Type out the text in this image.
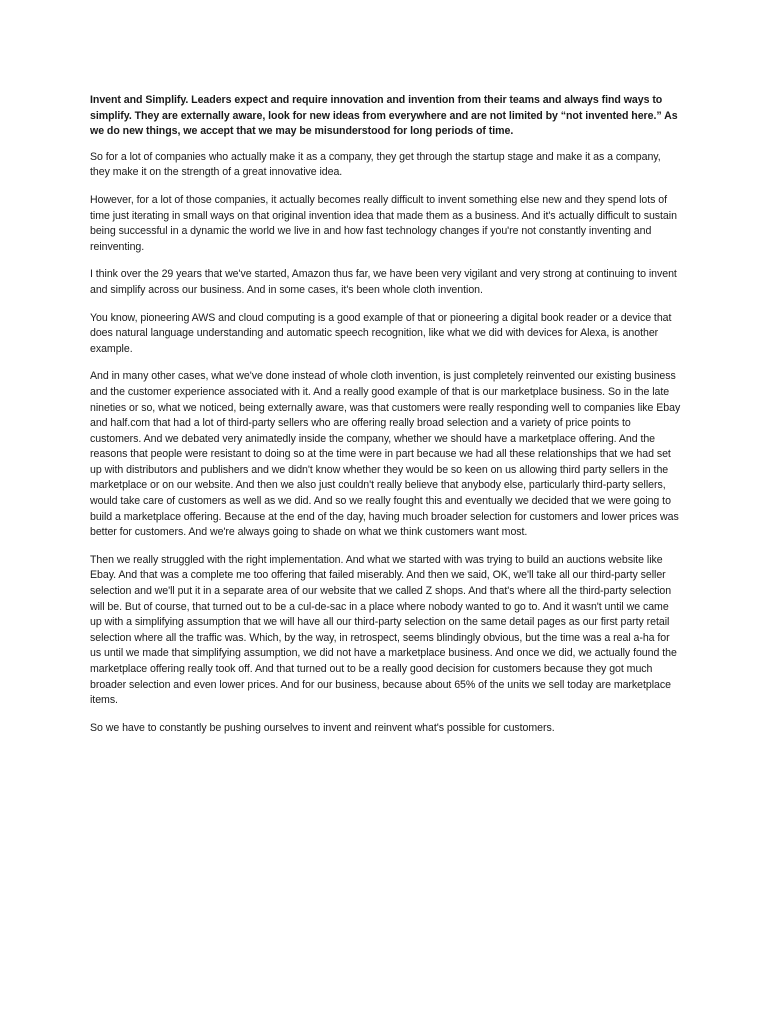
Invent and Simplify. Leaders expect and require innovation and invention from their teams and always find ways to simplify. They are externally aware, look for new ideas from everywhere and are not limited by “not invented here.” As we do new things, we accept that we may be misunderstood for long periods of time.

So for a lot of companies who actually make it as a company, they get through the startup stage and make it as a company, they make it on the strength of a great innovative idea.

However, for a lot of those companies, it actually becomes really difficult to invent something else new and they spend lots of time just iterating in small ways on that original invention idea that made them as a business. And it's actually difficult to sustain being successful in a dynamic the world we live in and how fast technology changes if you're not constantly inventing and reinventing.

I think over the 29 years that we've started, Amazon thus far, we have been very vigilant and very strong at continuing to invent and simplify across our business. And in some cases, it's been whole cloth invention.

You know, pioneering AWS and cloud computing is a good example of that or pioneering a digital book reader or a device that does natural language understanding and automatic speech recognition, like what we did with devices for Alexa, is another example.

And in many other cases, what we've done instead of whole cloth invention, is just completely reinvented our existing business and the customer experience associated with it. And a really good example of that is our marketplace business. So in the late nineties or so, what we noticed, being externally aware, was that customers were really responding well to companies like Ebay and half.com that had a lot of third-party sellers who are offering really broad selection and a variety of price points to customers. And we debated very animatedly inside the company, whether we should have a marketplace offering. And the reasons that people were resistant to doing so at the time were in part because we had all these relationships that we had set up with distributors and publishers and we didn't know whether they would be so keen on us allowing third party sellers in the marketplace or on our website. And then we also just couldn't really believe that anybody else, particularly third-party sellers, would take care of customers as well as we did. And so we really fought this and eventually we decided that we were going to build a marketplace offering. Because at the end of the day, having much broader selection for customers and lower prices was better for customers. And we're always going to shade on what we think customers want most.

Then we really struggled with the right implementation. And what we started with was trying to build an auctions website like Ebay. And that was a complete me too offering that failed miserably. And then we said, OK, we'll take all our third-party seller selection and we'll put it in a separate area of our website that we called Z shops. And that's where all the third-party selection will be. But of course, that turned out to be a cul-de-sac in a place where nobody wanted to go to. And it wasn't until we came up with a simplifying assumption that we will have all our third-party selection on the same detail pages as our first party retail selection where all the traffic was. Which, by the way, in retrospect, seems blindingly obvious, but the time was a real a-ha for us until we made that simplifying assumption, we did not have a marketplace business. And once we did, we actually found the marketplace offering really took off. And that turned out to be a really good decision for customers because they got much broader selection and even lower prices. And for our business, because about 65% of the units we sell today are marketplace items.

So we have to constantly be pushing ourselves to invent and reinvent what's possible for customers.
